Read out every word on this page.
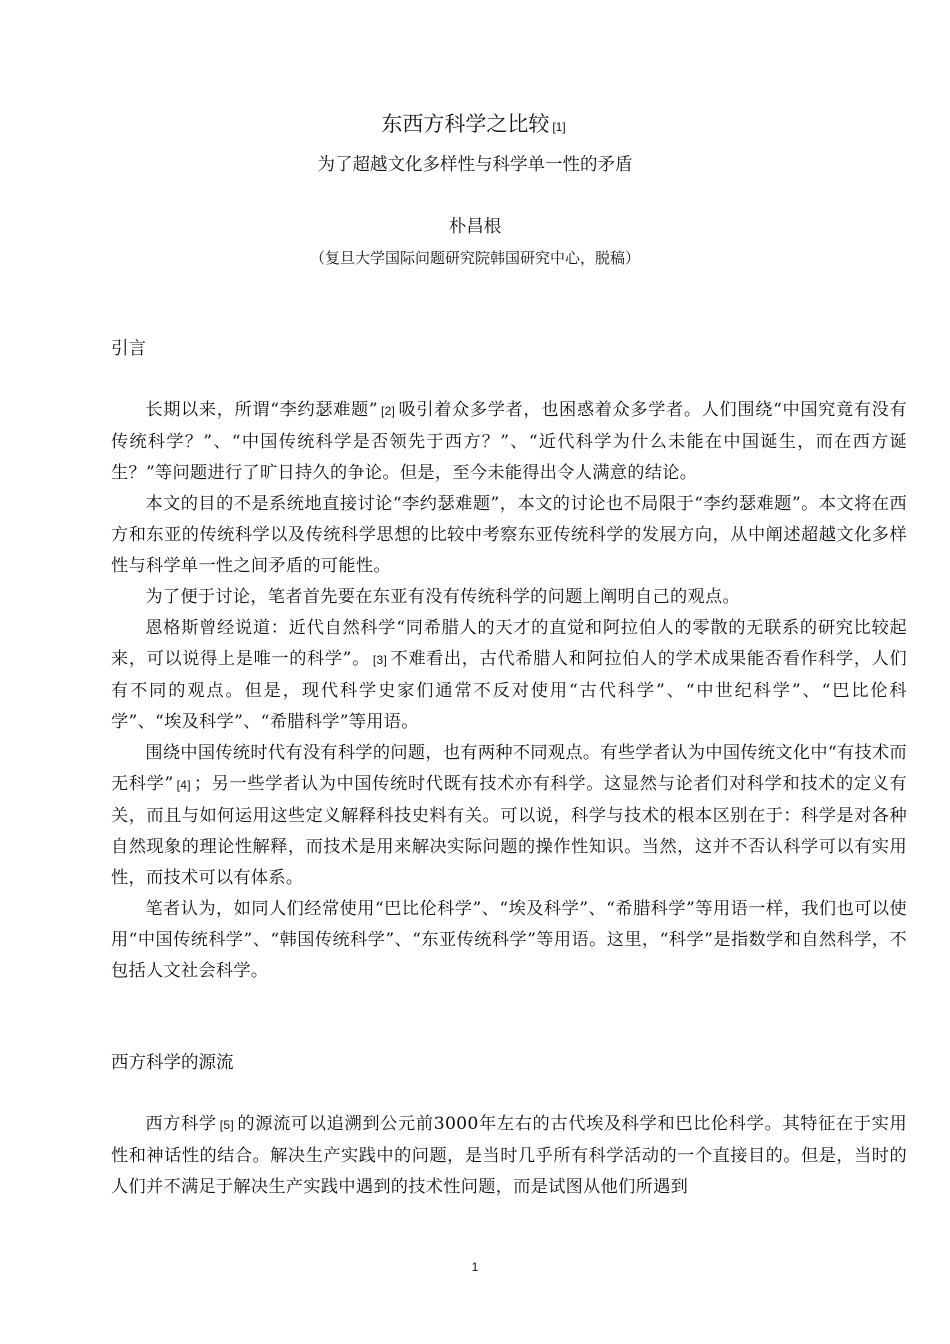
东西方科学之比较 [1]
为了超越文化多样性与科学单一性的矛盾
朴昌根
（复旦大学国际问题研究院韩国研究中心，脱稿）
引言

长期以来，所谓“李约瑟难题” [2] 吸引着众多学者，也困惑着众多学者。人们围绕“中国究竟有没有传统科学？”、“中国传统科学是否领先于西方？”、“近代科学为什么未能在中国诞生，而在西方诞生？”等问题进行了旷日持久的争论。但是，至今未能得出令人满意的结论。

本文的目的不是系统地直接讨论“李约瑟难题”，本文的讨论也不局限于“李约瑟难题”。本文将在西方和东亚的传统科学以及传统科学思想的比较中考察东亚传统科学的发展方向，从中阐述超越文化多样性与科学单一性之间矛盾的可能性。

为了便于讨论，笔者首先要在东亚有没有传统科学的问题上阐明自己的观点。

恩格斯曾经说道：近代自然科学“同希腊人的天才的直觉和阿拉伯人的零散的无联系的研究比较起来，可以说得上是唯一的科学”。 [3] 不难看出，古代希腊人和阿拉伯人的学术成果能否看作科学，人们有不同的观点。但是，现代科学史家们通常不反对使用“古代科学”、“中世纪科学”、“巴比伦科学”、“埃及科学”、“希腊科学”等用语。

围绕中国传统时代有没有科学的问题，也有两种不同观点。有些学者认为中国传统文化中“有技术而无科学” [4] ；另一些学者认为中国传统时代既有技术亦有科学。这显然与论者们对科学和技术的定义有关，而且与如何运用这些定义解释科技史料有关。可以说，科学与技术的根本区别在于：科学是对各种自然现象的理论性解释，而技术是用来解决实际问题的操作性知识。当然，这并不否认科学可以有实用性，而技术可以有体系。

笔者认为，如同人们经常使用“巴比伦科学”、“埃及科学”、“希腊科学”等用语一样，我们也可以使用“中国传统科学”、“韩国传统科学”、“东亚传统科学”等用语。这里，“科学”是指数学和自然科学，不包括人文社会科学。

西方科学的源流

西方科学 [5] 的源流可以追溯到公元前3000年左右的古代埃及科学和巴比伦科学。其特征在于实用性和神话性的结合。解决生产实践中的问题，是当时几乎所有科学活动的一个直接目的。但是，当时的人们并不满足于解决生产实践中遇到的技术性问题，而是试图从他们所遇到

1
